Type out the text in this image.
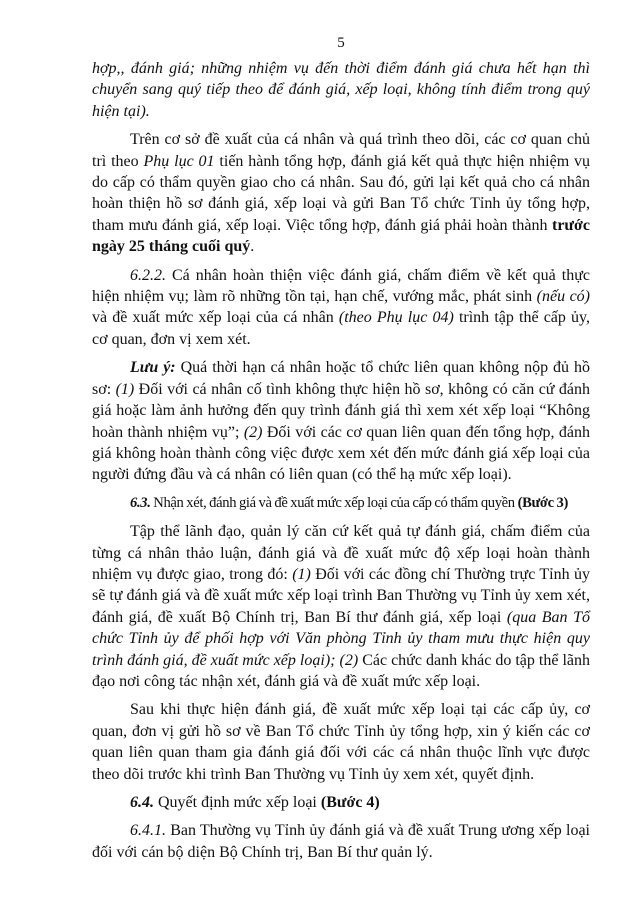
5

hợp,, đánh giá; những nhiệm vụ đến thời điểm đánh giá chưa hết hạn thì chuyển sang quý tiếp theo để đánh giá, xếp loại, không tính điểm trong quý hiện tại).

Trên cơ sở đề xuất của cá nhân và quá trình theo dõi, các cơ quan chủ trì theo Phụ lục 01 tiến hành tổng hợp, đánh giá kết quả thực hiện nhiệm vụ do cấp có thẩm quyền giao cho cá nhân. Sau đó, gửi lại kết quả cho cá nhân hoàn thiện hồ sơ đánh giá, xếp loại và gửi Ban Tổ chức Tỉnh ủy tổng hợp, tham mưu đánh giá, xếp loại. Việc tổng hợp, đánh giá phải hoàn thành trước ngày 25 tháng cuối quý.

6.2.2. Cá nhân hoàn thiện việc đánh giá, chấm điểm về kết quả thực hiện nhiệm vụ; làm rõ những tồn tại, hạn chế, vướng mắc, phát sinh (nếu có) và đề xuất mức xếp loại của cá nhân (theo Phụ lục 04) trình tập thể cấp ủy, cơ quan, đơn vị xem xét.

Lưu ý: Quá thời hạn cá nhân hoặc tổ chức liên quan không nộp đủ hồ sơ: (1) Đối với cá nhân cố tình không thực hiện hồ sơ, không có căn cứ đánh giá hoặc làm ảnh hưởng đến quy trình đánh giá thì xem xét xếp loại “Không hoàn thành nhiệm vụ”; (2) Đối với các cơ quan liên quan đến tổng hợp, đánh giá không hoàn thành công việc được xem xét đến mức đánh giá xếp loại của người đứng đầu và cá nhân có liên quan (có thể hạ mức xếp loại).

6.3. Nhận xét, đánh giá và đề xuất mức xếp loại của cấp có thẩm quyền (Bước 3)

Tập thể lãnh đạo, quản lý căn cứ kết quả tự đánh giá, chấm điểm của từng cá nhân thảo luận, đánh giá và đề xuất mức độ xếp loại hoàn thành nhiệm vụ được giao, trong đó: (1) Đối với các đồng chí Thường trực Tỉnh ủy sẽ tự đánh giá và đề xuất mức xếp loại trình Ban Thường vụ Tỉnh ủy xem xét, đánh giá, đề xuất Bộ Chính trị, Ban Bí thư đánh giá, xếp loại (qua Ban Tổ chức Tỉnh ủy để phối hợp với Văn phòng Tỉnh ủy tham mưu thực hiện quy trình đánh giá, đề xuất mức xếp loại); (2) Các chức danh khác do tập thể lãnh đạo nơi công tác nhận xét, đánh giá và đề xuất mức xếp loại.

Sau khi thực hiện đánh giá, đề xuất mức xếp loại tại các cấp ủy, cơ quan, đơn vị gửi hồ sơ về Ban Tổ chức Tỉnh ủy tổng hợp, xin ý kiến các cơ quan liên quan tham gia đánh giá đối với các cá nhân thuộc lĩnh vực được theo dõi trước khi trình Ban Thường vụ Tỉnh ủy xem xét, quyết định.

6.4. Quyết định mức xếp loại (Bước 4)

6.4.1. Ban Thường vụ Tỉnh ủy đánh giá và đề xuất Trung ương xếp loại đối với cán bộ diện Bộ Chính trị, Ban Bí thư quản lý.
